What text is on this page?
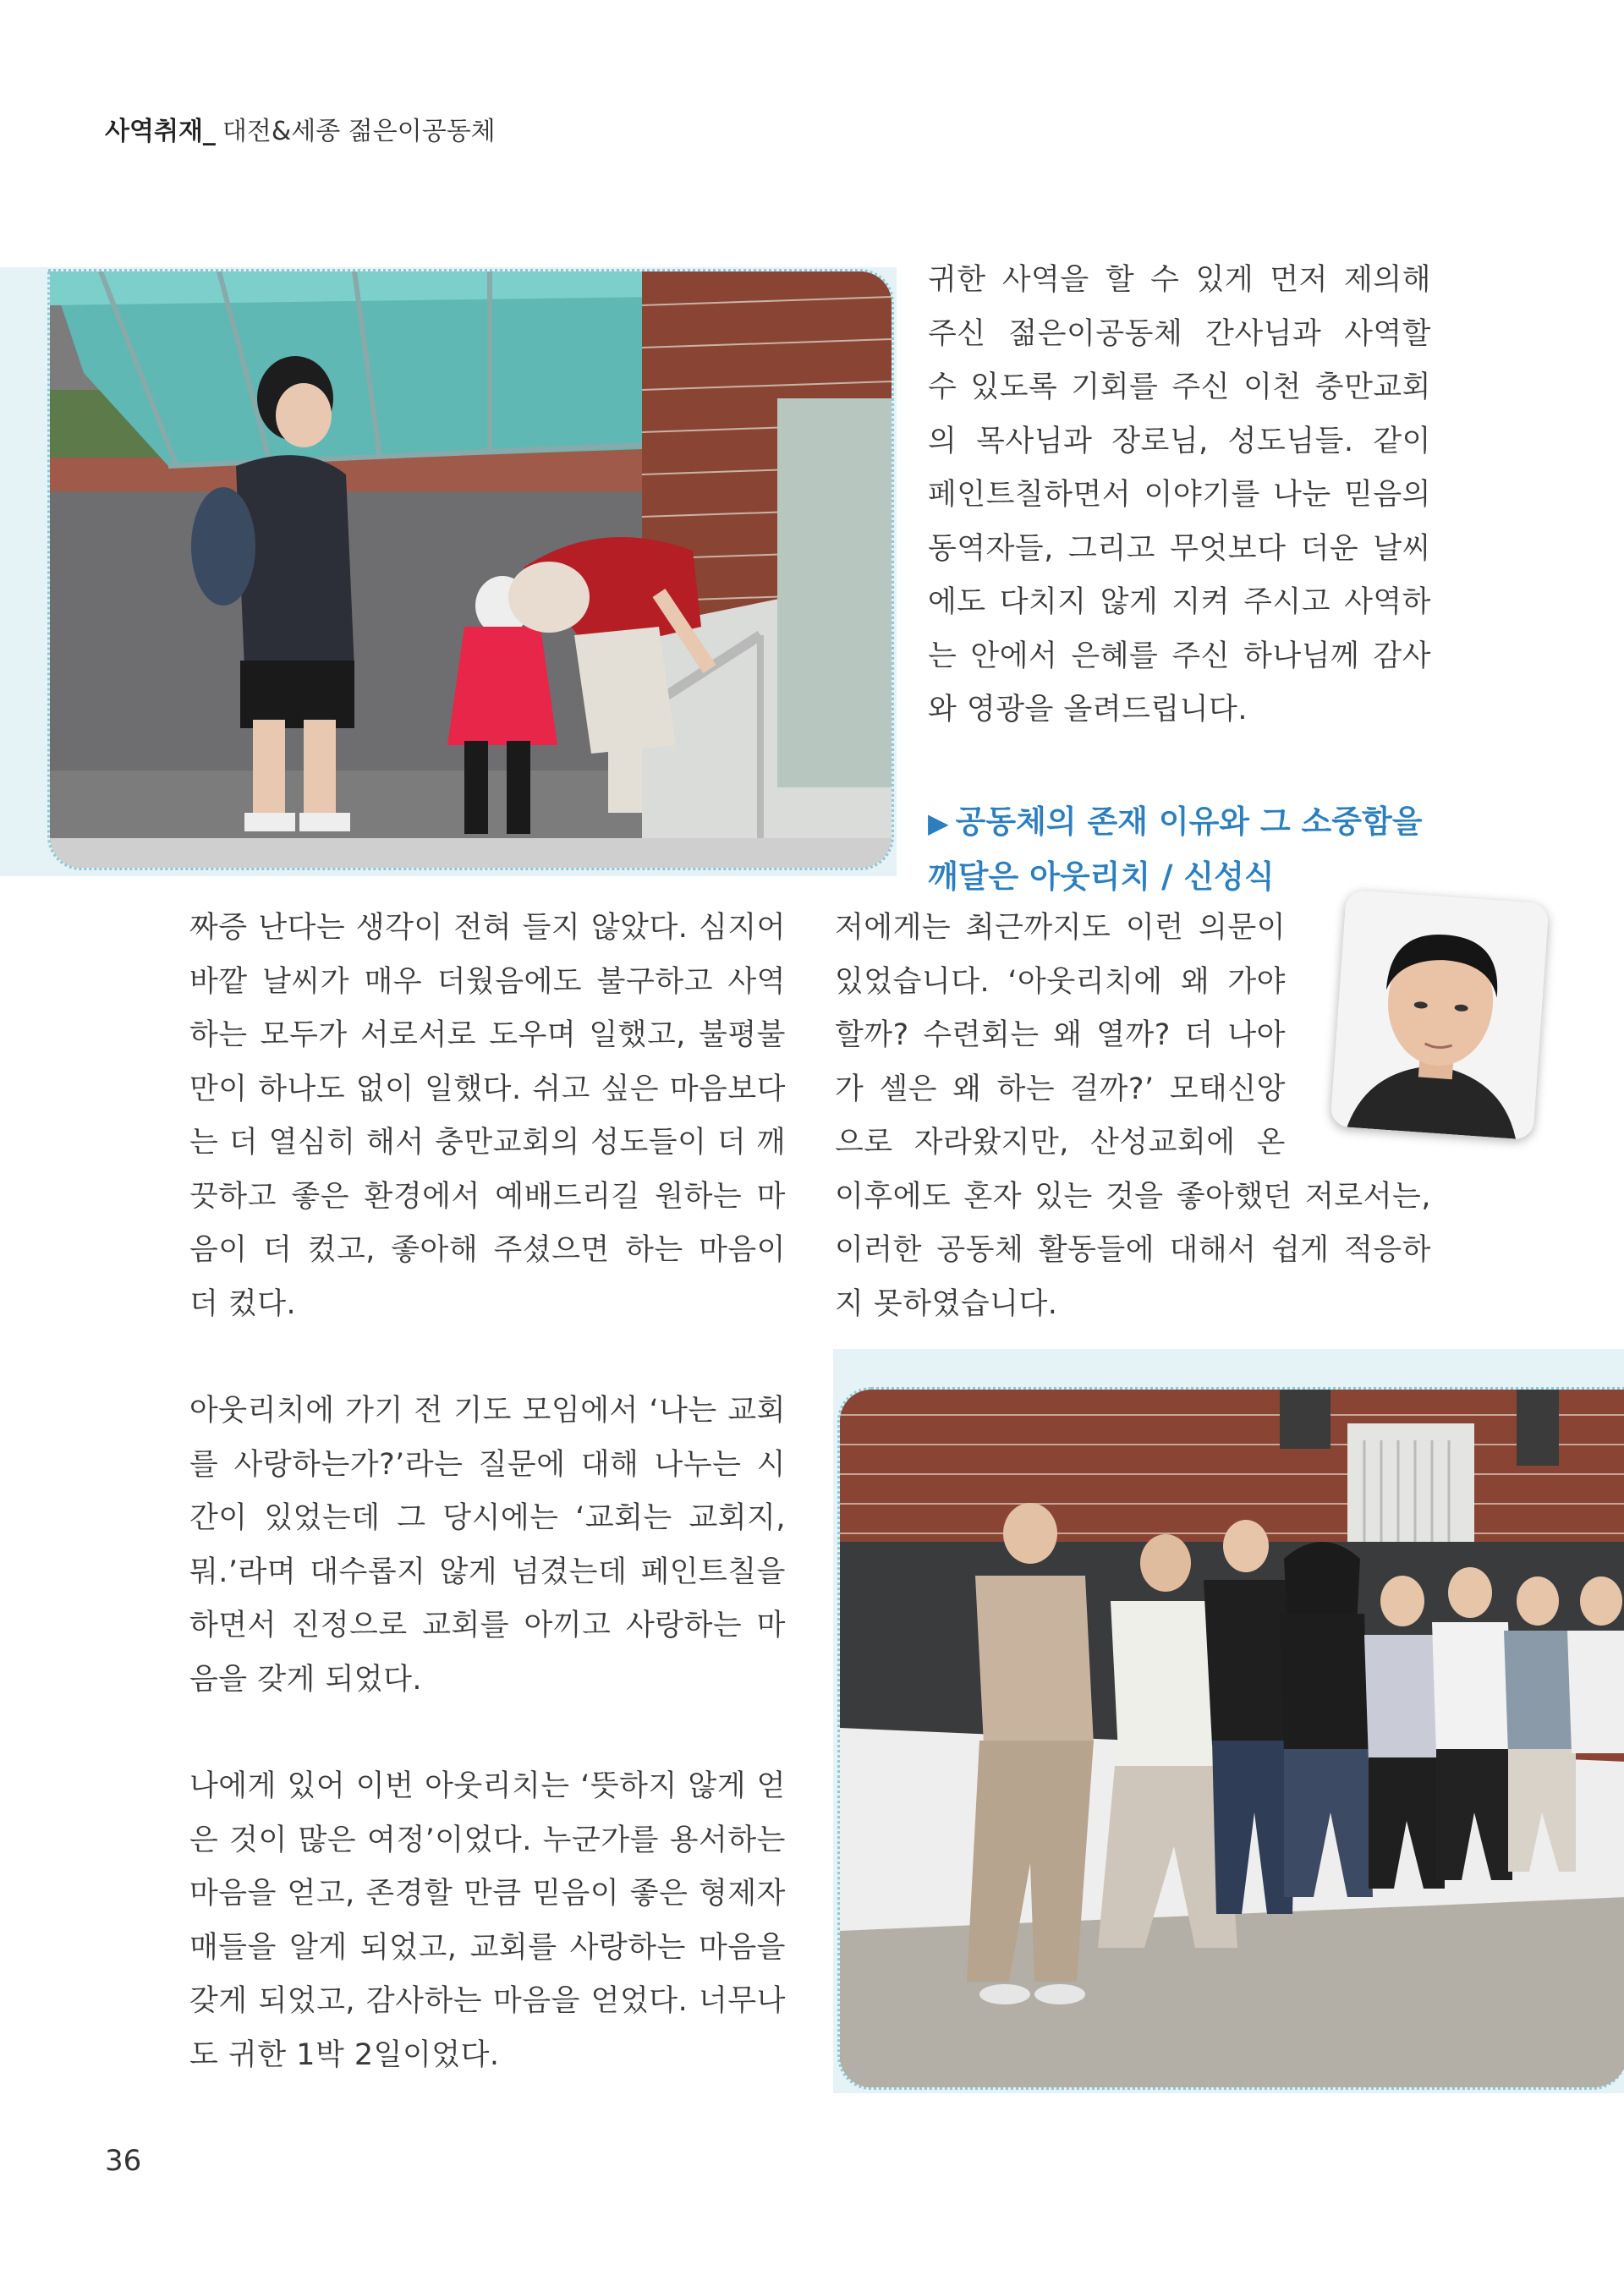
사역취재_ 대전&세종 젊은이공동체

귀한 사역을 할 수 있게 먼저 제의해 주신 젊은이공동체 간사님과 사역할 수 있도록 기회를 주신 이천 충만교회의 목사님과 장로님, 성도님들. 같이 페인트칠하면서 이야기를 나눈 믿음의 동역자들, 그리고 무엇보다 더운 날씨에도 다치지 않게 지켜 주시고 사역하는 안에서 은혜를 주신 하나님께 감사와 영광을 올려드립니다.

▶ 공동체의 존재 이유와 그 소중함을
깨달은 아웃리치 / 신성식

저에게는 최근까지도 이런 의문이 있었습니다. ‘아웃리치에 왜 가야 할까? 수련회는 왜 열까? 더 나아가 셀은 왜 하는 걸까?’ 모태신앙으로 자라왔지만, 산성교회에 온 이후에도 혼자 있는 것을 좋아했던 저로서는, 이러한 공동체 활동들에 대해서 쉽게 적응하지 못하였습니다.

짜증 난다는 생각이 전혀 들지 않았다. 심지어 바깥 날씨가 매우 더웠음에도 불구하고 사역하는 모두가 서로서로 도우며 일했고, 불평불만이 하나도 없이 일했다. 쉬고 싶은 마음보다는 더 열심히 해서 충만교회의 성도들이 더 깨끗하고 좋은 환경에서 예배드리길 원하는 마음이 더 컸고, 좋아해 주셨으면 하는 마음이 더 컸다.

아웃리치에 가기 전 기도 모임에서 ‘나는 교회를 사랑하는가?’라는 질문에 대해 나누는 시간이 있었는데 그 당시에는 ‘교회는 교회지, 뭐.’라며 대수롭지 않게 넘겼는데 페인트칠을 하면서 진정으로 교회를 아끼고 사랑하는 마음을 갖게 되었다.

나에게 있어 이번 아웃리치는 ‘뜻하지 않게 얻은 것이 많은 여정’이었다. 누군가를 용서하는 마음을 얻고, 존경할 만큼 믿음이 좋은 형제자매들을 알게 되었고, 교회를 사랑하는 마음을 갖게 되었고, 감사하는 마음을 얻었다. 너무나도 귀한 1박 2일이었다.

36
